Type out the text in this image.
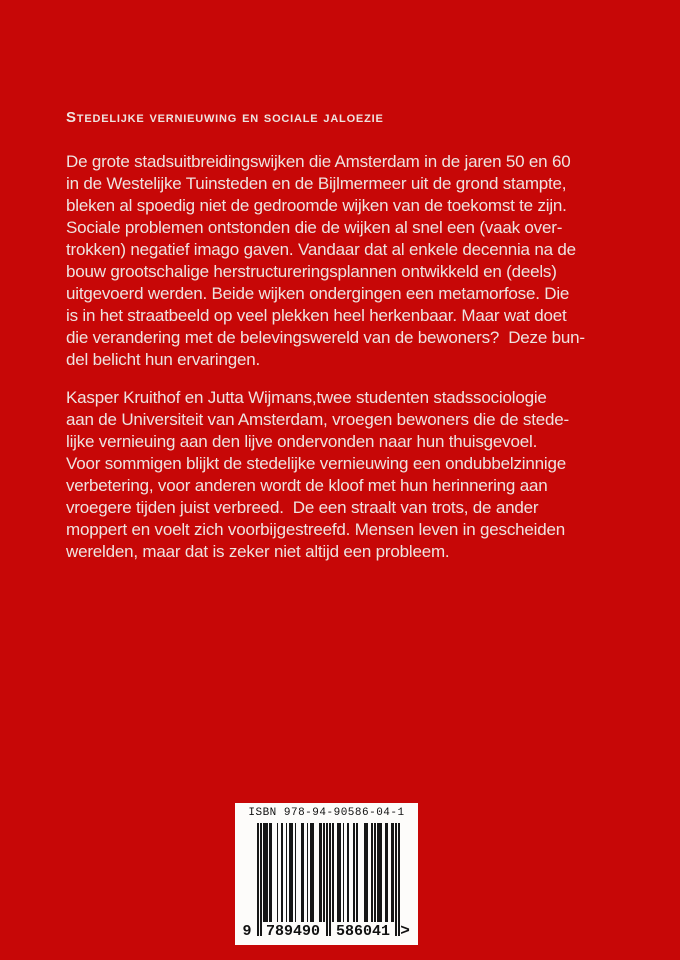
Stedelijke vernieuwing en sociale jaloezie
De grote stadsuitbreidingswijken die Amsterdam in de jaren 50 en 60
in de Westelijke Tuinsteden en de Bijlmermeer uit de grond stampte,
bleken al spoedig niet de gedroomde wijken van de toekomst te zijn.
Sociale problemen ontstonden die de wijken al snel een (vaak over-
trokken) negatief imago gaven. Vandaar dat al enkele decennia na de
bouw grootschalige herstructureringsplannen ontwikkeld en (deels)
uitgevoerd werden. Beide wijken ondergingen een metamorfose. Die
is in het straatbeeld op veel plekken heel herkenbaar. Maar wat doet
die verandering met de belevingswereld van de bewoners?  Deze bun-
del belicht hun ervaringen.
Kasper Kruithof en Jutta Wijmans,twee studenten stadssociologie
aan de Universiteit van Amsterdam, vroegen bewoners die de stede-
lijke vernieuing aan den lijve ondervonden naar hun thuisgevoel.
Voor sommigen blijkt de stedelijke vernieuwing een ondubbelzinnige
verbetering, voor anderen wordt de kloof met hun herinnering aan
vroegere tijden juist verbreed.  De een straalt van trots, de ander
moppert en voelt zich voorbijgestreefd. Mensen leven in gescheiden
werelden, maar dat is zeker niet altijd een probleem.
ISBN 978-94-90586-04-1
9 789490 586041 >
